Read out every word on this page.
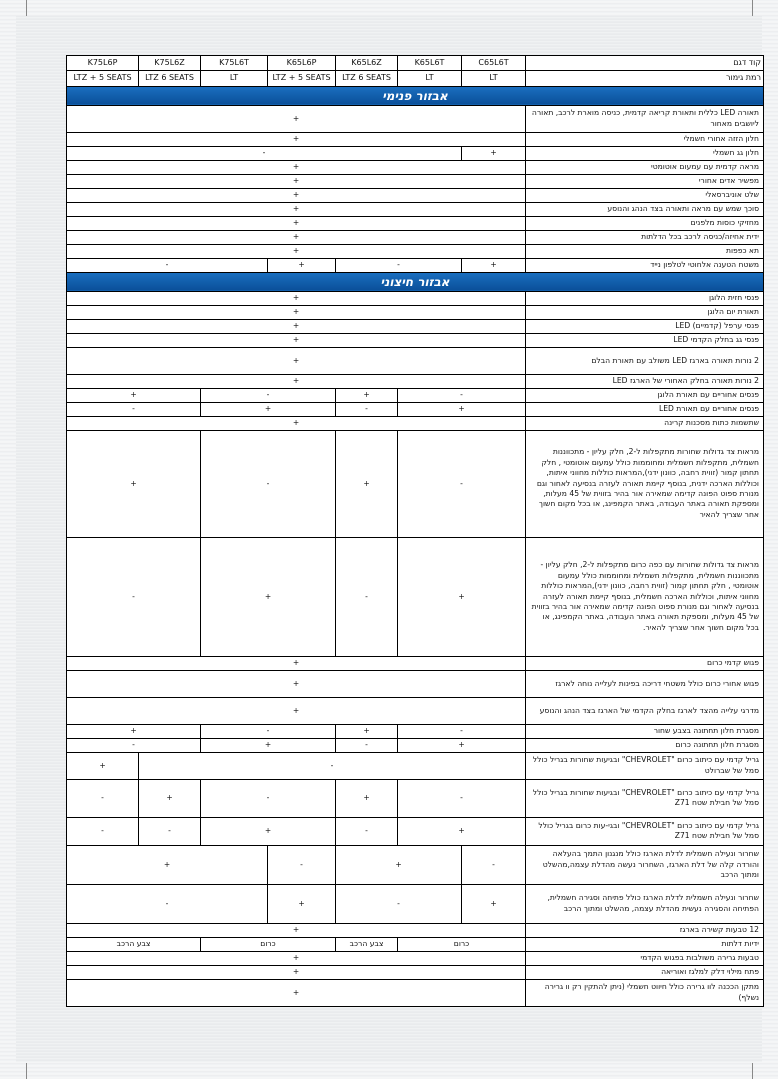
K75L6P	K75L6Z	K75L6T	K65L6P	K65L6Z	K65L6T	C65L6T	קוד דגם
LTZ + 5 SEATS	LTZ 6 SEATS	LT	LTZ + 5 SEATS	LTZ 6 SEATS	LT	LT	רמת גימור
אבזור פנימי							
+							תאורה LED כללית ותאורת קריאה קדמית, כניסה מוארת לרכב, תאורה ליושבים מאחור
+							חלון הזזה אחורי חשמלי
-						+	חלון גג חשמלי
+							מראה קדמית עם עמעום אוטומטי
+							מפשיר אדים אחורי
+							שלט אוניברסאלי
+							סוכך שמש עם מראה ותאורה בצד הנהג והנוסע
+							מחזיקי כוסות מלפנים
+							ידית אחיזה/כניסה לרכב בכל הדלתות
+							תא כפפות
-			+	-		+	משטח הטענה אלחוטי לטלפון נייד
אבזור חיצוני							
+							פנסי חזית הלוגן
+							תאורת יום הלוגן
+							פנסי ערפל (קדמיים) LED
+							פנסי גג בחלק הקדמי LED
+							2 נורות תאורה בארגז LED משולב עם תאורת הבלם
+							2 נורות תאורה בחלק האחורי של הארגז LED
+		-		+	-		פנסים אחוריים עם תאורת הלוגן
-		+		-	+		פנסים אחוריים עם תאורת LED
+							שתשמות כתות מסכנות קרינה
+		-		+	-		מראות צד גדולות שחורות מתקפלות ל-2, חלק עליון - מתכווננות חשמלית, מתקפלות חשמלית ומחוממות כולל עמעום אוטומטי , חלק תחתון קמור (זווית רחבה, כוונון ידני),המראות כוללות מחווני איתות, וכוללות הארכה ידנית, בנוסף קיימת תאורה לעזרה בנסיעה לאחור וגם מנורת ספוט הפונה קדימה שמאירה אור בהיר בזווית של 45 מעלות, ומספקת תאורה באתר העבודה, באתר הקמפינג, או בכל מקום חשוך אחר שצריך להאיר
-		+		-	+		מראות צד גדולות שחורות עם כפה כרום מתקפלות ל-2, חלק עליון - מתכווננות חשמלית, מתקפלות חשמלית ומחוממות כולל עמעום אוטומטי , חלק תחתון קמור (זווית רחבה, כוונון ידני),המראות כוללות מחווני איתות, וכוללות הארכה חשמלית, בנוסף קיימת תאורה לעזרה בנסיעה לאחור וגם מנורת ספוט הפונה קדימה שמאירה אור בהיר בזווית של 45 מעלות, ומספקת תאורה באתר העבודה, באתר הקמפינג, או בכל מקום חשוך אחר שצריך להאיר.
+							פגוש קדמי כרום
+							פגוש אחורי כרום כולל משטחי דריכה בפינות לעלייה נוחה לארגז
+							מדרגי עלייה מהצד לארגז בחלק הקדמי של הארגז בצד הנהג והנוסע
+		-		+	-		מסגרת חלון תחתונה בצבע שחור
-		+		-	+		מסגרת חלון תחתונה כרום
+	-						גריל קדמי עם כיתוב כרום "CHEVROLET" ובגיעות שחורות בגריל כולל סמל של שברולט
-	+	-		+	-		גריל קדמי עם כיתוב כרום "CHEVROLET" ובגיעות שחורות בגריל כולל סמל של חבילת שטח Z71
-	-	+		-	+		גריל קדמי עם כיתוב כרום "CHEVROLET" ובגי-עות כרום בגריל כולל סמל של חבילת שטח Z71
+			-	+		-	שחרור ונעילה חשמלית לדלת הארגז כולל מנגנון התמך בהעלאה והורדה קלה של דלת הארגז, השחרור נעשה מהדלת עצמה,מהשלט ומתוך הרכב
-			+	-		+	שחרור ונעילה חשמלית לדלת הארגז כולל פתיחה וסגירה חשמלית, הפתיחה והסגירה נעשית מהדלת עצמה, מהשלט ומתוך הרכב
+							12 טבעות קשירה בארגז
צבע הרכב		כרום		צבע הרכב	כרום		ידיות דלתות
+							טבעות גרירה משולבות בפגוש הקדמי
+							פתח מילוי דלק למלגז ואוריאה
+							מתקן הככנה לוו גרירה כולל חיווט חשמלי (ניתן להתקין רק וו גרירה נשלף)
